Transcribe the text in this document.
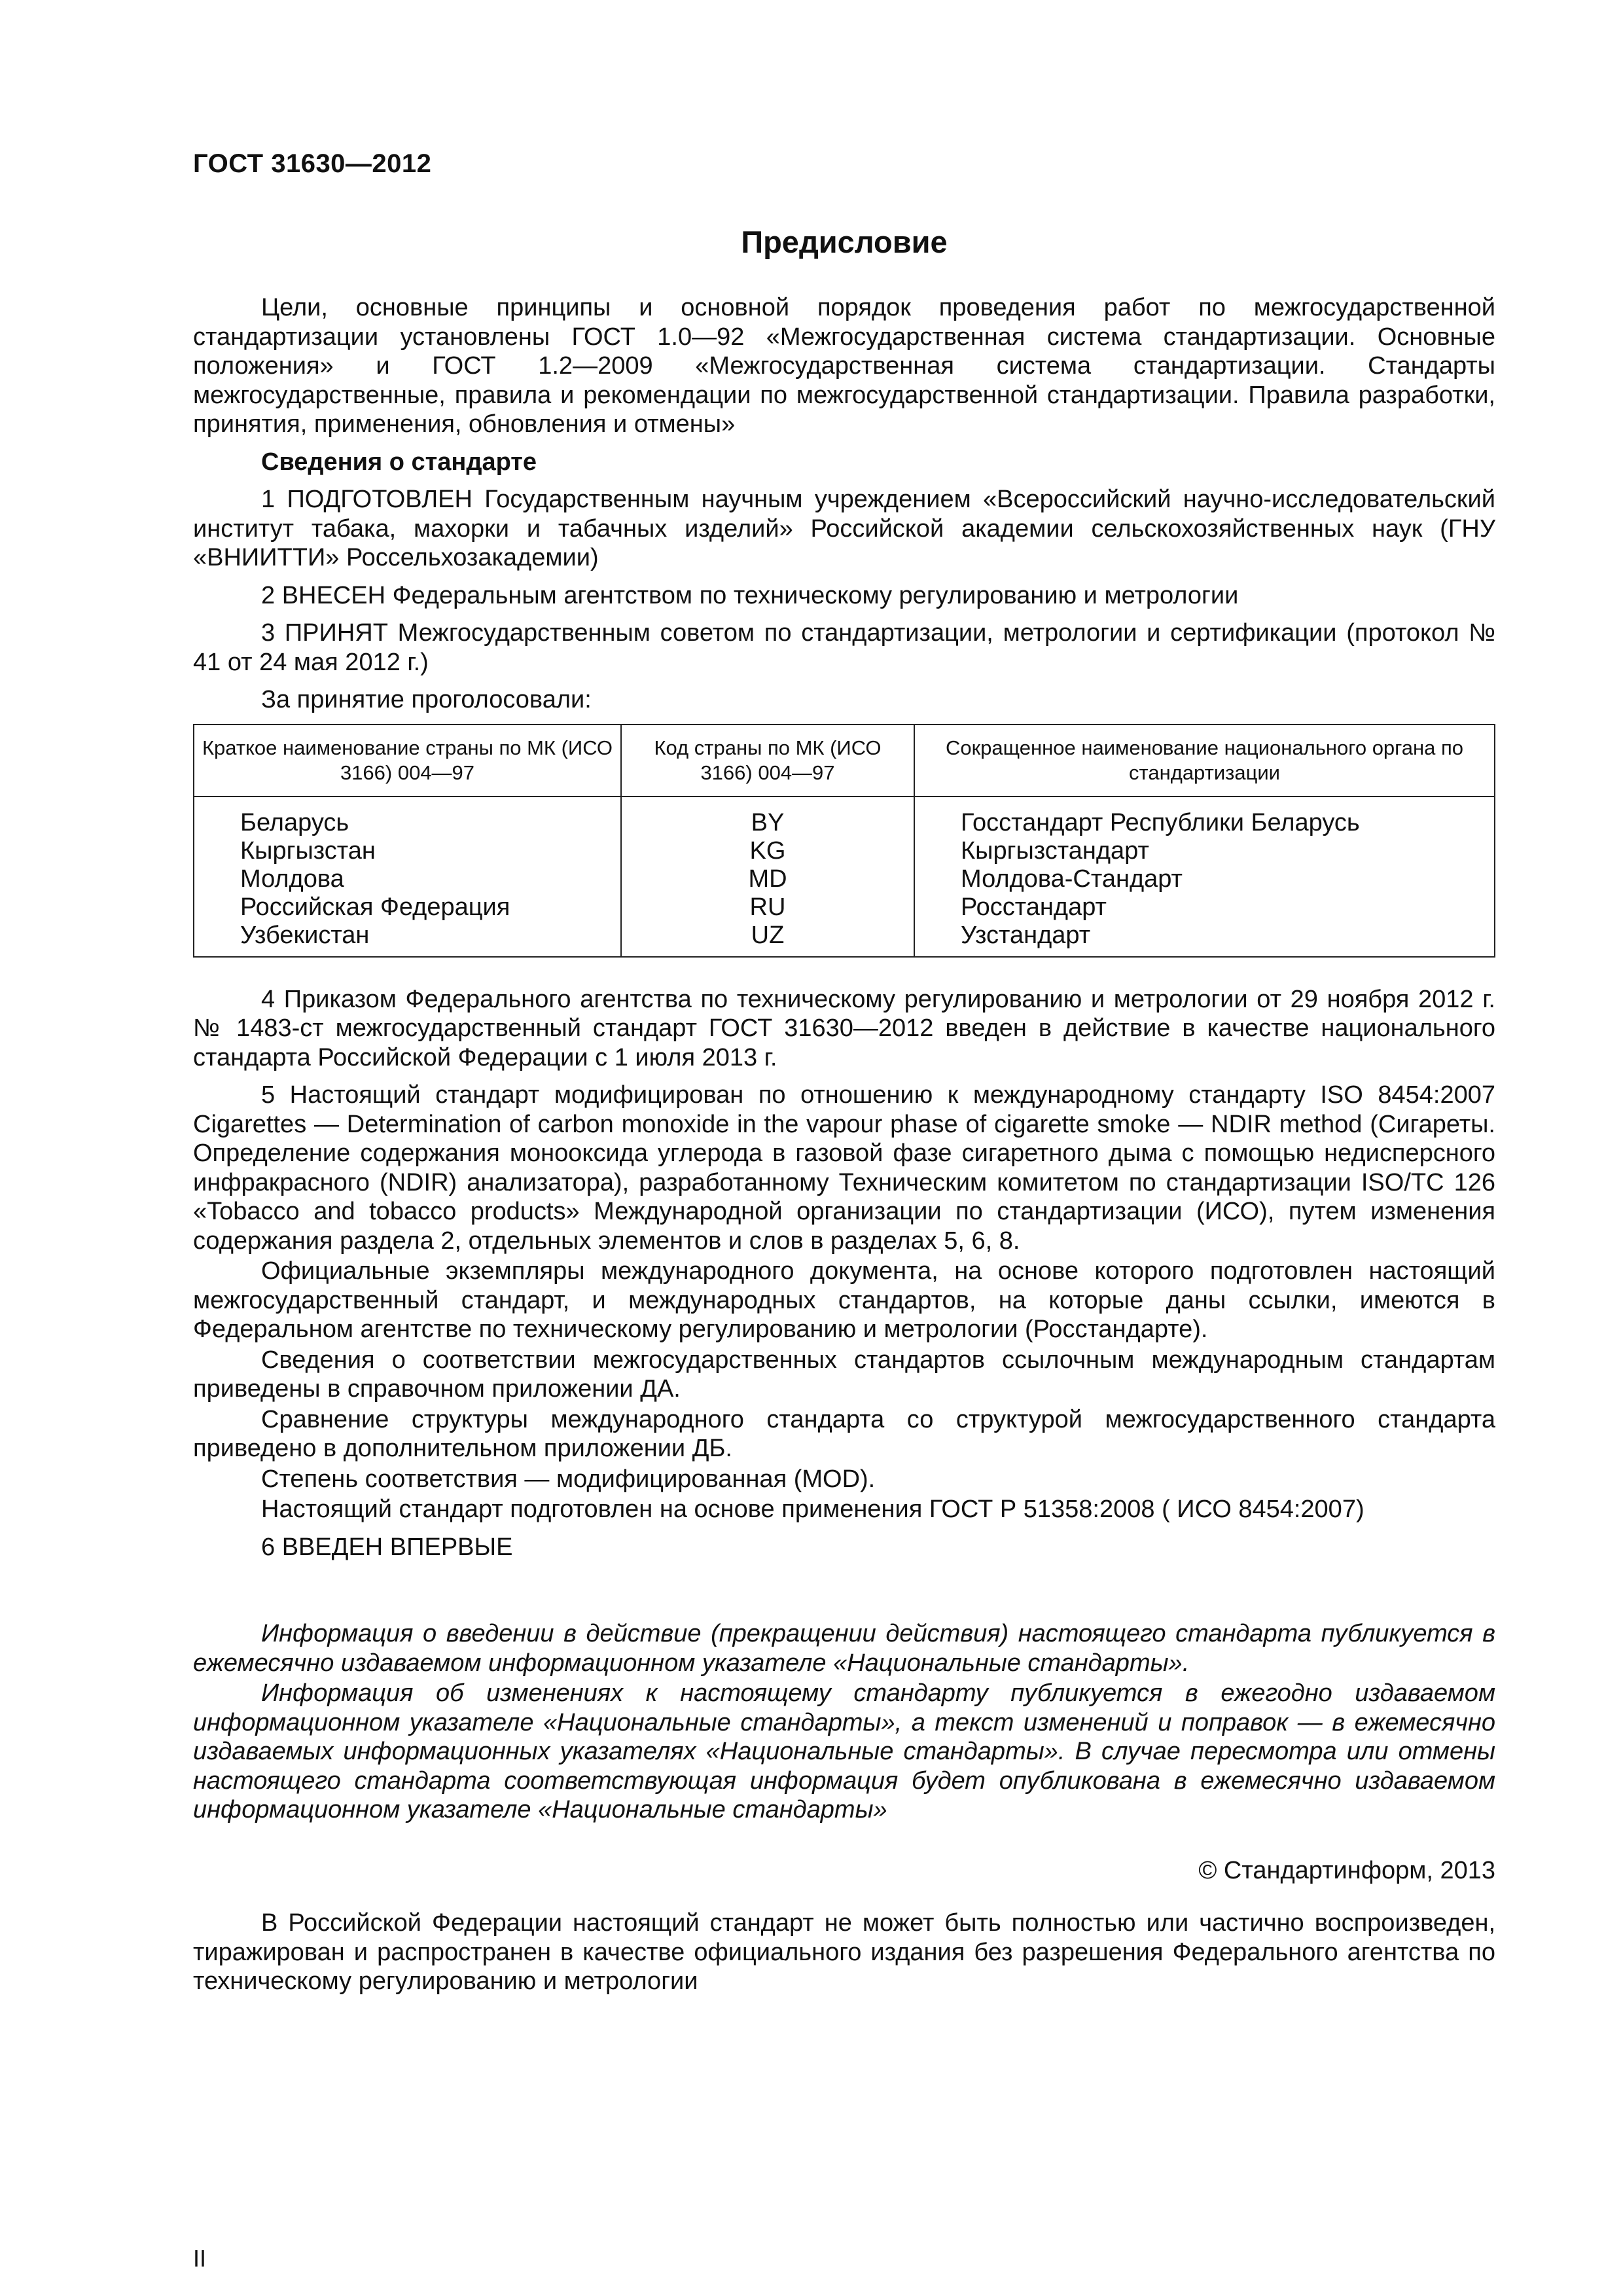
ГОСТ 31630—2012
Предисловие

Цели, основные принципы и основной порядок проведения работ по межгосударственной стандартизации установлены ГОСТ 1.0—92 «Межгосударственная система стандартизации. Основные положения» и ГОСТ 1.2—2009 «Межгосударственная система стандартизации. Стандарты межгосударственные, правила и рекомендации по межгосударственной стандартизации. Правила разработки, принятия, применения, обновления и отмены»

Сведения о стандарте

1 ПОДГОТОВЛЕН Государственным научным учреждением «Всероссийский научно-исследовательский институт табака, махорки и табачных изделий» Российской академии сельскохозяйственных наук (ГНУ «ВНИИТТИ» Россельхозакадемии)

2 ВНЕСЕН Федеральным агентством по техническому регулированию и метрологии

3 ПРИНЯТ Межгосударственным советом по стандартизации, метрологии и сертификации (протокол № 41 от 24 мая 2012 г.)

За принятие проголосовали:

Краткое наименование страны по МК (ИСО 3166) 004—97	Код страны по МК (ИСО 3166) 004—97	Сокращенное наименование национального органа по стандартизации
Беларусь	BY	Госстандарт Республики Беларусь
Кыргызстан	KG	Кыргызстандарт
Молдова	MD	Молдова-Стандарт
Российская Федерация	RU	Росстандарт
Узбекистан	UZ	Узстандарт

4 Приказом Федерального агентства по техническому регулированию и метрологии от 29 ноября 2012 г. № 1483-ст межгосударственный стандарт ГОСТ 31630—2012 введен в действие в качестве национального стандарта Российской Федерации с 1 июля 2013 г.

5 Настоящий стандарт модифицирован по отношению к международному стандарту ISO 8454:2007 Cigarettes — Determination of carbon monoxide in the vapour phase of cigarette smoke — NDIR method (Сигареты. Определение содержания монооксида углерода в газовой фазе сигаретного дыма с помощью недисперсного инфракрасного (NDIR) анализатора), разработанному Техническим комитетом по стандартизации ISO/TC 126 «Tobacco and tobacco products» Международной организации по стандартизации (ИСО), путем изменения содержания раздела 2, отдельных элементов и слов в разделах 5, 6, 8.

Официальные экземпляры международного документа, на основе которого подготовлен настоящий межгосударственный стандарт, и международных стандартов, на которые даны ссылки, имеются в Федеральном агентстве по техническому регулированию и метрологии (Росстандарте).

Сведения о соответствии межгосударственных стандартов ссылочным международным стандартам приведены в справочном приложении ДА.

Сравнение структуры международного стандарта со структурой межгосударственного стандарта приведено в дополнительном приложении ДБ.

Степень соответствия — модифицированная (MOD).

Настоящий стандарт подготовлен на основе применения ГОСТ Р 51358:2008 ( ИСО 8454:2007)

6 ВВЕДЕН ВПЕРВЫЕ

Информация о введении в действие (прекращении действия) настоящего стандарта публикуется в ежемесячно издаваемом информационном указателе «Национальные стандарты».

Информация об изменениях к настоящему стандарту публикуется в ежегодно издаваемом информационном указателе «Национальные стандарты», а текст изменений и поправок — в ежемесячно издаваемых информационных указателях «Национальные стандарты». В случае пересмотра или отмены настоящего стандарта соответствующая информация будет опубликована в ежемесячно издаваемом информационном указателе «Национальные стандарты»

© Стандартинформ, 2013

В Российской Федерации настоящий стандарт не может быть полностью или частично воспроизведен, тиражирован и распространен в качестве официального издания без разрешения Федерального агентства по техническому регулированию и метрологии

II
